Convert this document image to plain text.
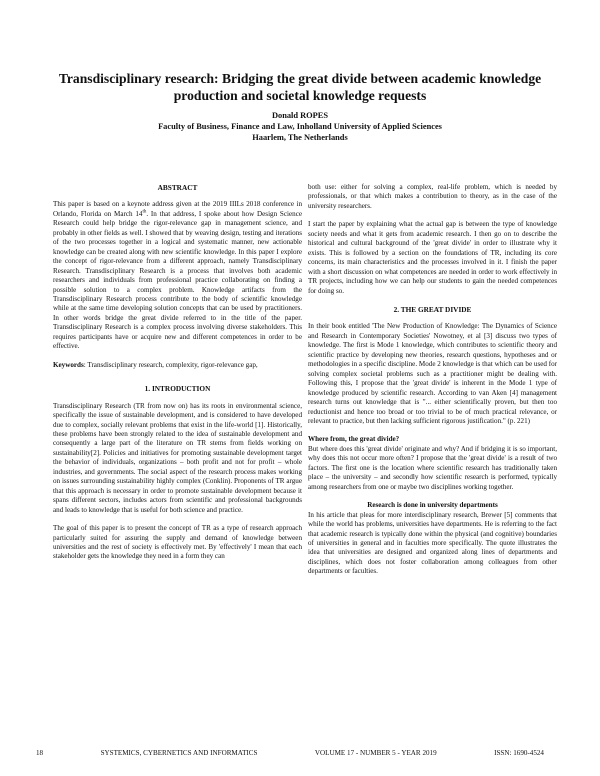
Transdisciplinary research: Bridging the great divide between academic knowledge production and societal knowledge requests
Donald ROPES
Faculty of Business, Finance and Law, Inholland University of Applied Sciences
Haarlem, The Netherlands
ABSTRACT

This paper is based on a keynote address given at the 2019 IIILs 2018 conference in Orlando, Florida on March 14th. In that address, I spoke about how Design Science Research could help bridge the rigor-relevance gap in management science, and probably in other fields as well. I showed that by weaving design, testing and iterations of the two processes together in a logical and systematic manner, new actionable knowledge can be created along with new scientific knowledge. In this paper I explore the concept of rigor-relevance from a different approach, namely Transdisciplinary Research. Transdisciplinary Research is a process that involves both academic researchers and individuals from professional practice collaborating on finding a possible solution to a complex problem. Knowledge artifacts from the Transdisciplinary Research process contribute to the body of scientific knowledge while at the same time developing solution concepts that can be used by practitioners. In other words bridge the great divide referred to in the title of the paper. Transdisciplinary Research is a complex process involving diverse stakeholders. This requires participants have or acquire new and different competences in order to be effective.

Keywords: Transdisciplinary research, complexity, rigor-relevance gap,

1. INTRODUCTION

Transdisciplinary Research (TR from now on) has its roots in environmental science, specifically the issue of sustainable development, and is considered to have developed due to complex, socially relevant problems that exist in the life-world [1]. Historically, these problems have been strongly related to the idea of sustainable development and consequently a large part of the literature on TR stems from fields working on sustainability[2]. Policies and initiatives for promoting sustainable development target the behavior of individuals, organizations – both profit and not for profit – whole industries, and governments. The social aspect of the research process makes working on issues surrounding sustainability highly complex (Conklin). Proponents of TR argue that this approach is necessary in order to promote sustainable development because it spans different sectors, includes actors from scientific and professional backgrounds and leads to knowledge that is useful for both science and practice.

The goal of this paper is to present the concept of TR as a type of research approach particularly suited for assuring the supply and demand of knowledge between universities and the rest of society is effectively met. By 'effectively' I mean that each stakeholder gets the knowledge they need in a form they can

both use: either for solving a complex, real-life problem, which is needed by professionals, or that which makes a contribution to theory, as in the case of the university researchers.

I start the paper by explaining what the actual gap is between the type of knowledge society needs and what it gets from academic research. I then go on to describe the historical and cultural background of the 'great divide' in order to illustrate why it exists. This is followed by a section on the foundations of TR, including its core concerns, its main characteristics and the processes involved in it. I finish the paper with a short discussion on what competences are needed in order to work effectively in TR projects, including how we can help our students to gain the needed competences for doing so.

2. THE GREAT DIVIDE

In their book entitled 'The New Production of Knowledge: The Dynamics of Science and Research in Contemporary Societies' Nowotney, et al [3] discuss two types of knowledge. The first is Mode 1 knowledge, which contributes to scientific theory and scientific practice by developing new theories, research questions, hypotheses and or methodologies in a specific discipline. Mode 2 knowledge is that which can be used for solving complex societal problems such as a practitioner might be dealing with. Following this, I propose that the 'great divide' is inherent in the Mode 1 type of knowledge produced by scientific research. According to van Aken [4] management research turns out knowledge that is "... either scientifically proven, but then too reductionist and hence too broad or too trivial to be of much practical relevance, or relevant to practice, but then lacking sufficient rigorous justification." (p. 221)

Where from, the great divide?

But where does this 'great divide' originate and why? And if bridging it is so important, why does this not occur more often? I propose that the 'great divide' is a result of two factors. The first one is the location where scientific research has traditionally taken place – the university – and secondly how scientific research is performed, typically among researchers from one or maybe two disciplines working together.

Research is done in university departments

In his article that pleas for more interdisciplinary research, Brewer [5] comments that while the world has problems, universities have departments. He is referring to the fact that academic research is typically done within the physical (and cognitive) boundaries of universities in general and in faculties more specifically. The quote illustrates the idea that universities are designed and organized along lines of departments and disciplines, which does not foster collaboration among colleagues from other departments or faculties.

18	SYSTEMICS, CYBERNETICS AND INFORMATICS	VOLUME 17 - NUMBER 5 - YEAR 2019	ISSN: 1690-4524
